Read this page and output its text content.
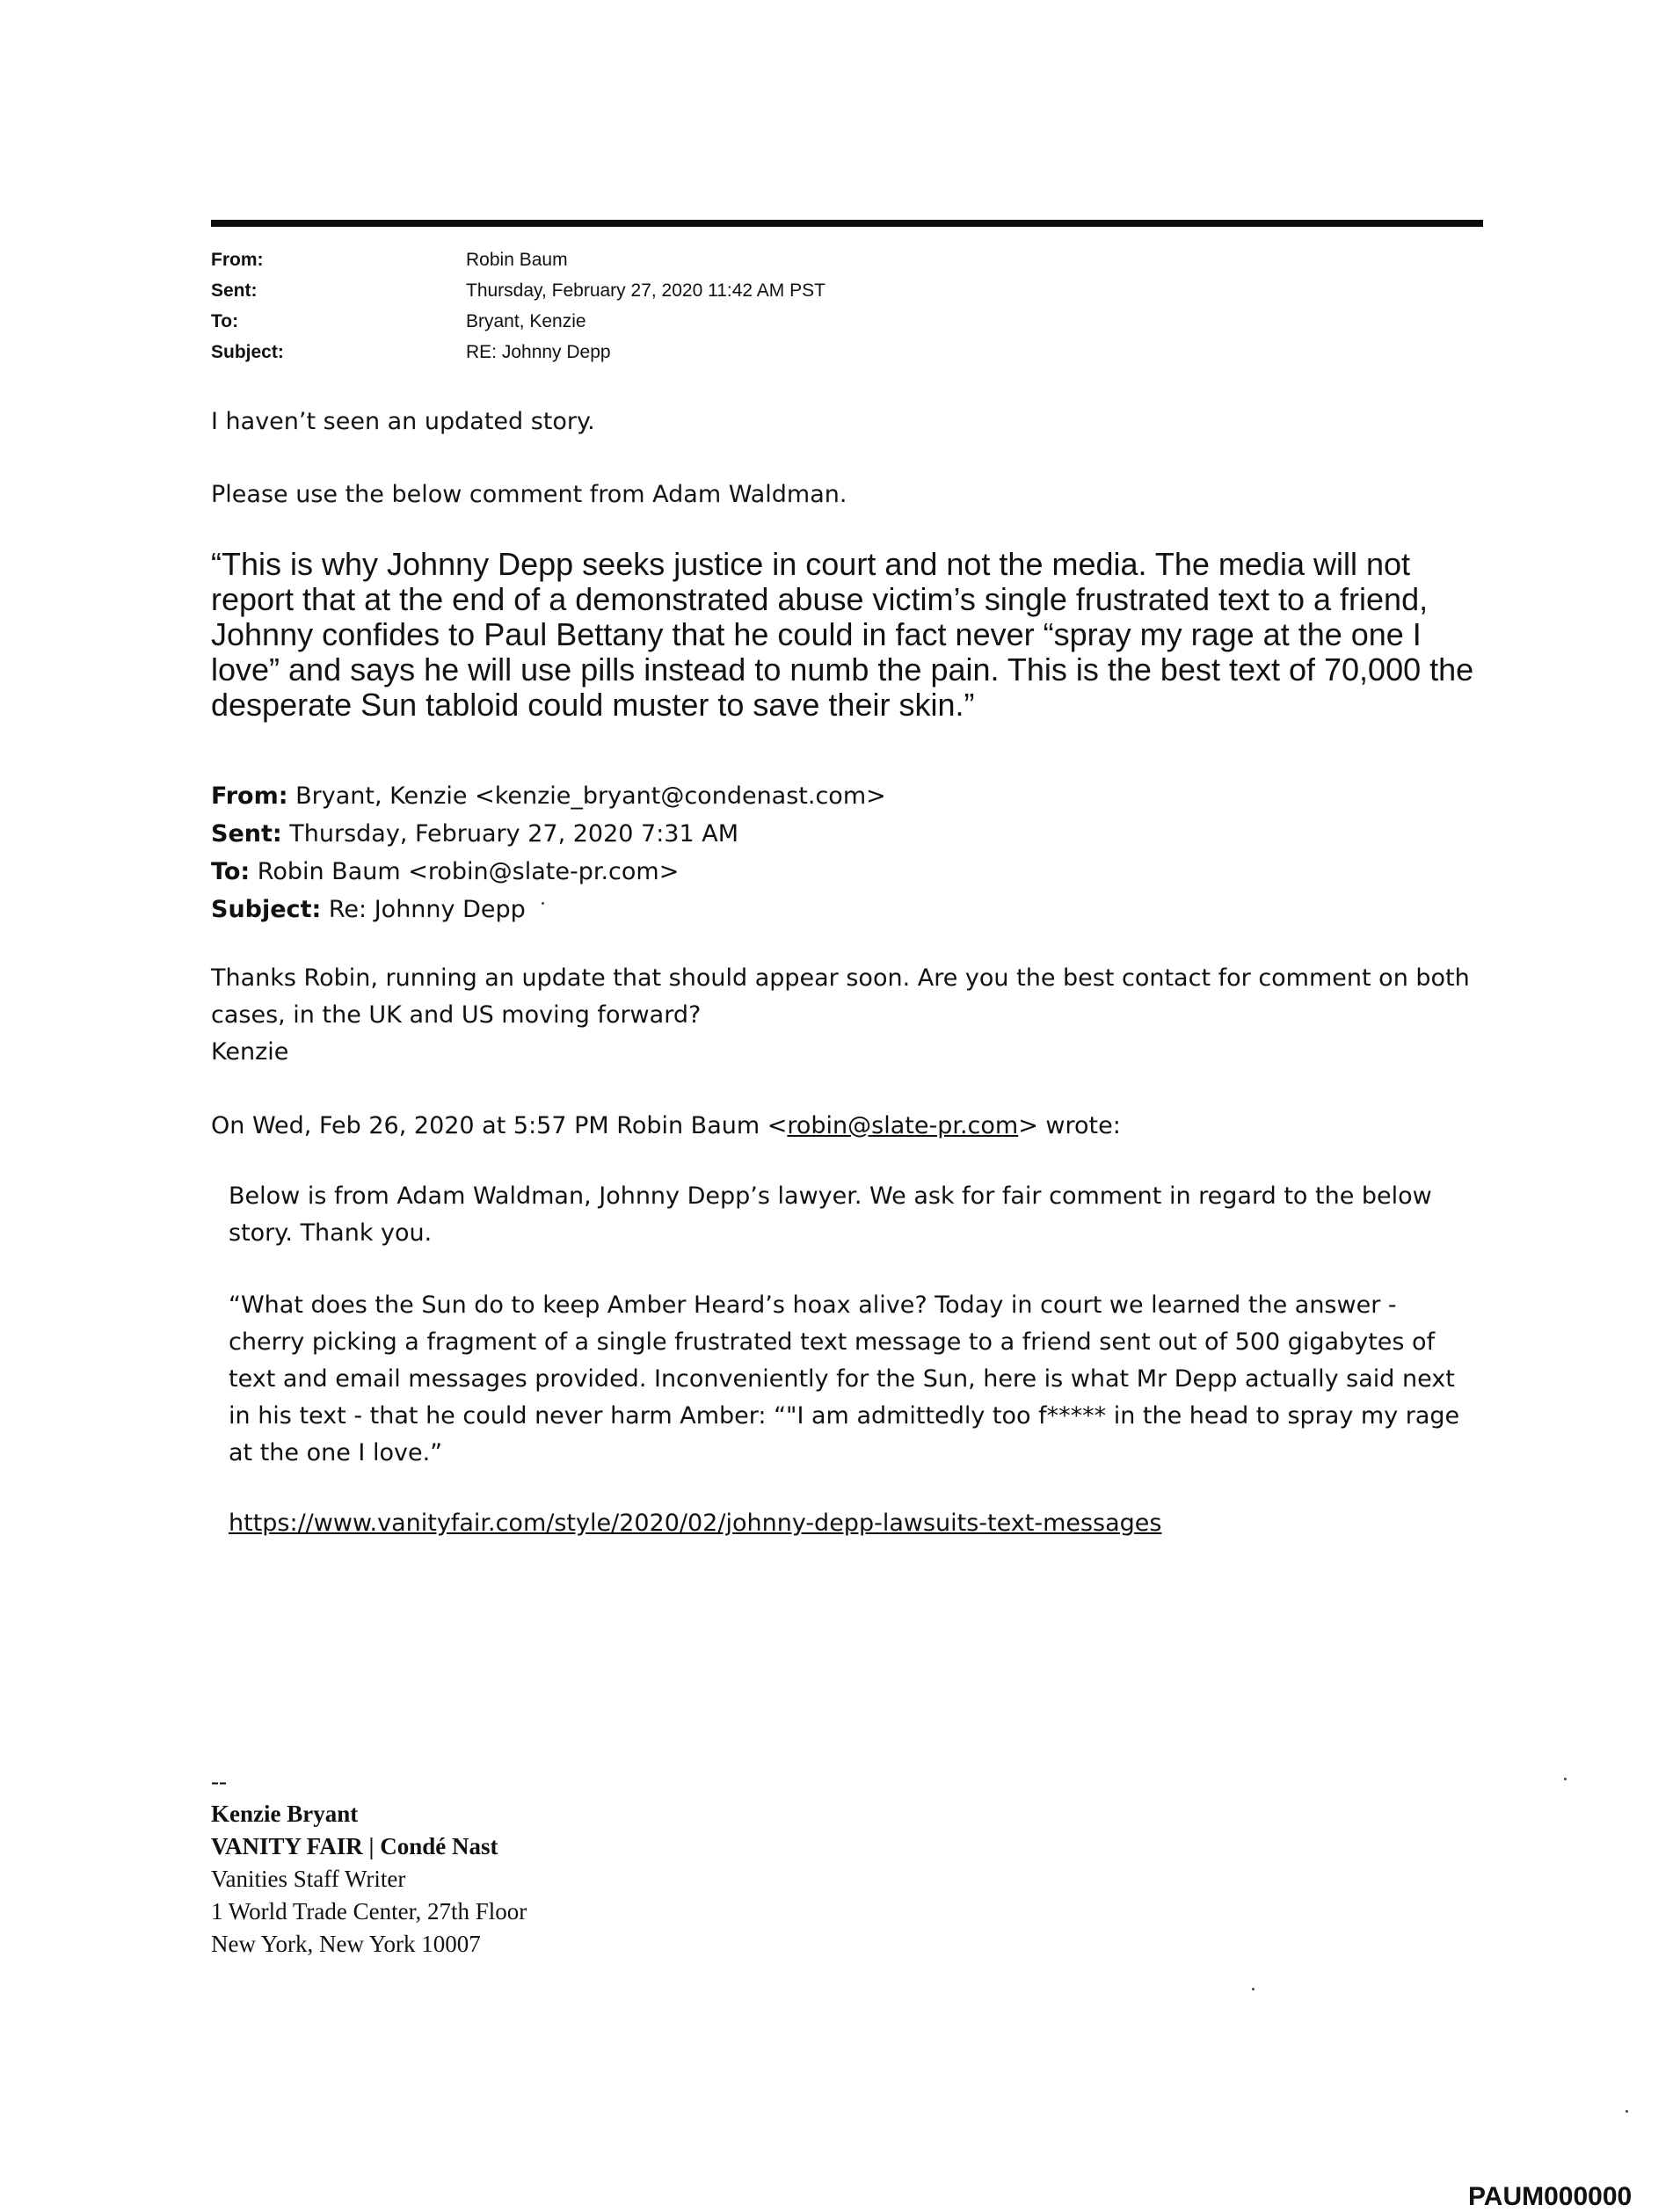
From:	Robin Baum
Sent:	Thursday, February 27, 2020 11:42 AM PST
To:	Bryant, Kenzie
Subject:	RE: Johnny Depp
I haven’t seen an updated story.
Please use the below comment from Adam Waldman.
“This is why Johnny Depp seeks justice in court and not the media. The media will not report that at the end of a demonstrated abuse victim’s single frustrated text to a friend, Johnny confides to Paul Bettany that he could in fact never “spray my rage at the one I love” and says he will use pills instead to numb the pain. This is the best text of 70,000 the desperate Sun tabloid could muster to save their skin.”
From: Bryant, Kenzie <kenzie_bryant@condenast.com>
Sent: Thursday, February 27, 2020 7:31 AM
To: Robin Baum <robin@slate-pr.com>
Subject: Re: Johnny Depp
Thanks Robin, running an update that should appear soon. Are you the best contact for comment on both cases, in the UK and US moving forward?
Kenzie
On Wed, Feb 26, 2020 at 5:57 PM Robin Baum <robin@slate-pr.com> wrote:
Below is from Adam Waldman, Johnny Depp’s lawyer. We ask for fair comment in regard to the below story. Thank you.
“What does the Sun do to keep Amber Heard’s hoax alive? Today in court we learned the answer - cherry picking a fragment of a single frustrated text message to a friend sent out of 500 gigabytes of text and email messages provided. Inconveniently for the Sun, here is what Mr Depp actually said next in his text - that he could never harm Amber: “"I am admittedly too f***** in the head to spray my rage at the one I love.”
https://www.vanityfair.com/style/2020/02/johnny-depp-lawsuits-text-messages
--
Kenzie Bryant
VANITY FAIR | Condé Nast
Vanities Staff Writer
1 World Trade Center, 27th Floor
New York, New York 10007
PAUM000000
